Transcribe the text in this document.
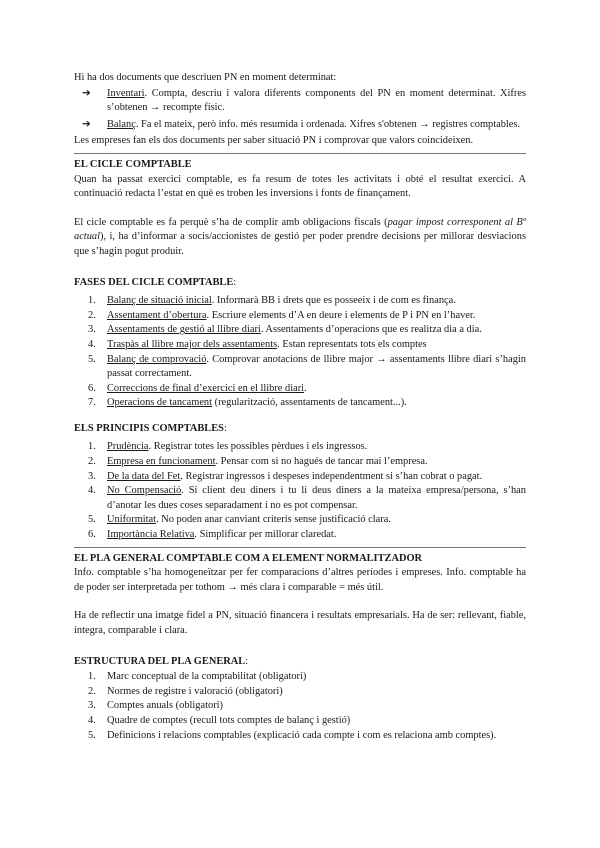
Hi ha dos documents que descriuen PN en moment determinat:

➔ Inventari. Compta, descriu i valora diferents components del PN en moment determinat. Xifres s’obtenen → recompte físic.
➔ Balanç. Fa el mateix, però info. més resumida i ordenada. Xifres s'obtenen → registres comptables.

Les empreses fan els dos documents per saber situació PN i comprovar que valors coincideixen.

EL CICLE COMPTABLE

Quan ha passat exercici comptable, es fa resum de totes les activitats i obté el resultat exercici. A continuació redacta l’estat en què es troben les inversions i fonts de finançament.

El cicle comptable es fa perquè s’ha de complir amb obligacions fiscals (pagar impost corresponent al Bº actual), i, ha d’informar a socis/accionistes de gestió per poder prendre decisions per millorar desviacions que s’hagin pogut produir.

FASES DEL CICLE COMPTABLE:

1. Balanç de situació inicial. Informarà BB i drets que es posseeix i de com es finança.
2. Assentament d’obertura. Escriure elements d’A en deure i elements de P i PN en l’haver.
3. Assentaments de gestió al llibre diari. Assentaments d’operacions que es realitza dia a dia.
4. Traspàs al llibre major dels assentaments. Estan representats tots els comptes
5. Balanç de comprovació. Comprovar anotacions de llibre major → assentaments llibre diari s’hagin passat correctament.
6. Correccions de final d’exercici en el llibre diari.
7. Operacions de tancament (regularització, assentaments de tancament...).

ELS PRINCIPIS COMPTABLES:

1. Prudència. Registrar totes les possibles pèrdues i els ingressos.
2. Empresa en funcionament. Pensar com si no hagués de tancar mai l’empresa.
3. De la data del Fet. Registrar ingressos i despeses independentment si s’han cobrat o pagat.
4. No Compensació. Si client deu diners i tu li deus diners a la mateixa empresa/persona, s’han d’anotar les dues coses separadament i no es pot compensar.
5. Uniformitat. No poden anar canviant criteris sense justificació clara.
6. Importància Relativa. Simplificar per millorar claredat.

EL PLA GENERAL COMPTABLE COM A ELEMENT NORMALITZADOR

Info. comptable s’ha homogeneïtzar per fer comparacions d’altres períodes i empreses. Info. comptable ha de poder ser interpretada per tothom → més clara i comparable = més útil.

Ha de reflectir una imatge fidel a PN, situació financera i resultats empresarials. Ha de ser: rellevant, fiable, íntegra, comparable i clara.

ESTRUCTURA DEL PLA GENERAL:

1. Marc conceptual de la comptabilitat (obligatori)
2. Normes de registre i valoració (obligatori)
3. Comptes anuals (obligatori)
4. Quadre de comptes (recull tots comptes de balanç i gestió)
5. Definicions i relacions comptables (explicació cada compte i com es relaciona amb comptes).
